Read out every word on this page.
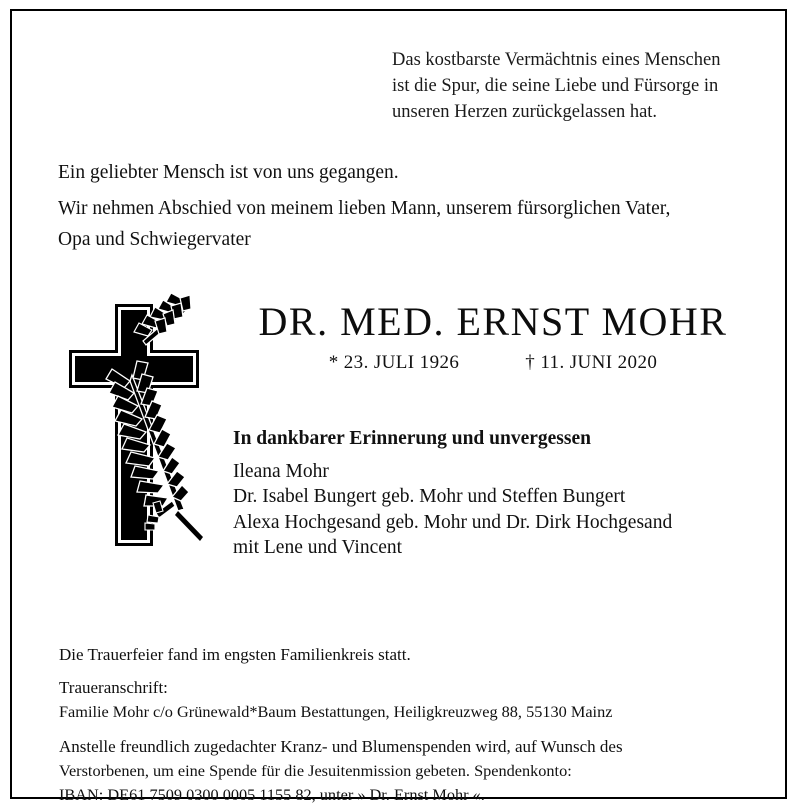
Das kostbarste Vermächtnis eines Menschen
ist die Spur, die seine Liebe und Fürsorge in
unseren Herzen zurückgelassen hat.
Ein geliebter Mensch ist von uns gegangen.
Wir nehmen Abschied von meinem lieben Mann, unserem fürsorglichen Vater,
Opa und Schwiegervater
DR. MED. ERNST MOHR
* 23. JULI 1926	† 11. JUNI 2020
In dankbarer Erinnerung und unvergessen
Ileana Mohr
Dr. Isabel Bungert geb. Mohr und Steffen Bungert
Alexa Hochgesand geb. Mohr und Dr. Dirk Hochgesand
mit Lene und Vincent
Die Trauerfeier fand im engsten Familienkreis statt.
Traueranschrift:
Familie Mohr c/o Grünewald*Baum Bestattungen, Heiligkreuzweg 88, 55130 Mainz
Anstelle freundlich zugedachter Kranz- und Blumenspenden wird, auf Wunsch des
Verstorbenen, um eine Spende für die Jesuitenmission gebeten. Spendenkonto:
IBAN: DE61 7509 0300 0005 1155 82, unter » Dr. Ernst Mohr «.
